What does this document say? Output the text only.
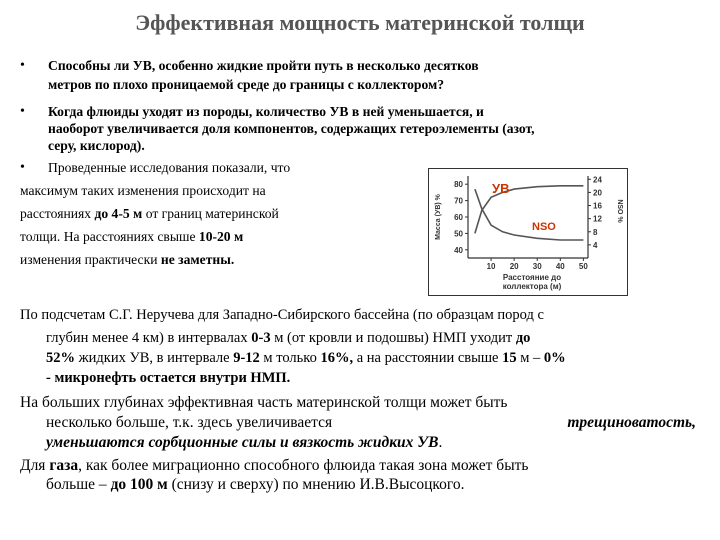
Эффективная мощность материнской толщи
• Способны ли УВ, особенно жидкие пройти путь в несколько десятков
метров по плохо проницаемой среде до границы с коллектором?
• Когда флюиды уходят из породы, количество УВ в ней уменьшается, и
наоборот увеличивается доля компонентов, содержащих гетероэлементы (азот,
серу, кислород).
• Проведенные исследования показали, что
максимум таких изменения происходит на
расстояниях до 4-5 м от границ материнской
толщи. На расстояниях свыше 10-20 м
изменения практически не заметны.
80
70
60
50
40
24
20
16
12
8
4
10 20 30 40 50
Масса (УВ) %	NSO %
Расстояние до
коллектора (м)
УВ
NSO
По подсчетам С.Г. Неручева для Западно-Сибирского бассейна (по образцам пород с
глубин менее 4 км) в интервалах 0-3 м (от кровли и подошвы) НМП уходит до
52% жидких УВ, в интервале 9-12 м только 16%, а на расстоянии свыше 15 м – 0%
- микронефть остается внутри НМП.
На больших глубинах эффективная часть материнской толщи может быть
несколько больше, т.к. здесь увеличивается	трещиноватость,
уменьшаются сорбционные силы и вязкость жидких УВ.
Для газа, как более миграционно способного флюида такая зона может быть
больше – до 100 м (снизу и сверху) по мнению И.В.Высоцкого.
